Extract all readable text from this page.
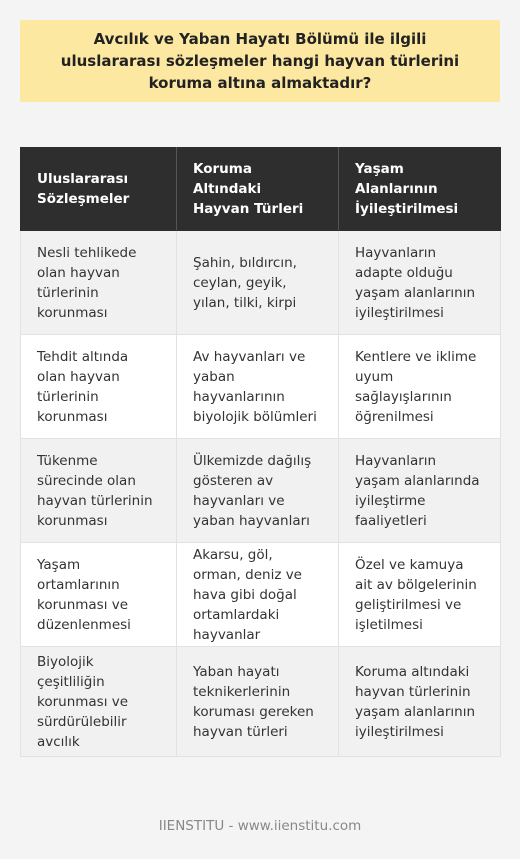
Avcılık ve Yaban Hayatı Bölümü ile ilgili uluslararası sözleşmeler hangi hayvan türlerini koruma altına almaktadır?
Uluslararası Sözleşmeler	Koruma Altındaki Hayvan Türleri	Yaşam Alanlarının İyileştirilmesi
Nesli tehlikede olan hayvan türlerinin korunması	Şahin, bıldırcın, ceylan, geyik, yılan, tilki, kirpi	Hayvanların adapte olduğu yaşam alanlarının iyileştirilmesi
Tehdit altında olan hayvan türlerinin korunması	Av hayvanları ve yaban hayvanlarının biyolojik bölümleri	Kentlere ve iklime uyum sağlayışlarının öğrenilmesi
Tükenme sürecinde olan hayvan türlerinin korunması	Ülkemizde dağılış gösteren av hayvanları ve yaban hayvanları	Hayvanların yaşam alanlarında iyileştirme faaliyetleri
Yaşam ortamlarının korunması ve düzenlenmesi	Akarsu, göl, orman, deniz ve hava gibi doğal ortamlardaki hayvanlar	Özel ve kamuya ait av bölgelerinin geliştirilmesi ve işletilmesi
Biyolojik çeşitliliğin korunması ve sürdürülebilir avcılık	Yaban hayatı teknikerlerinin koruması gereken hayvan türleri	Koruma altındaki hayvan türlerinin yaşam alanlarının iyileştirilmesi
IIENSTITU - www.iienstitu.com
